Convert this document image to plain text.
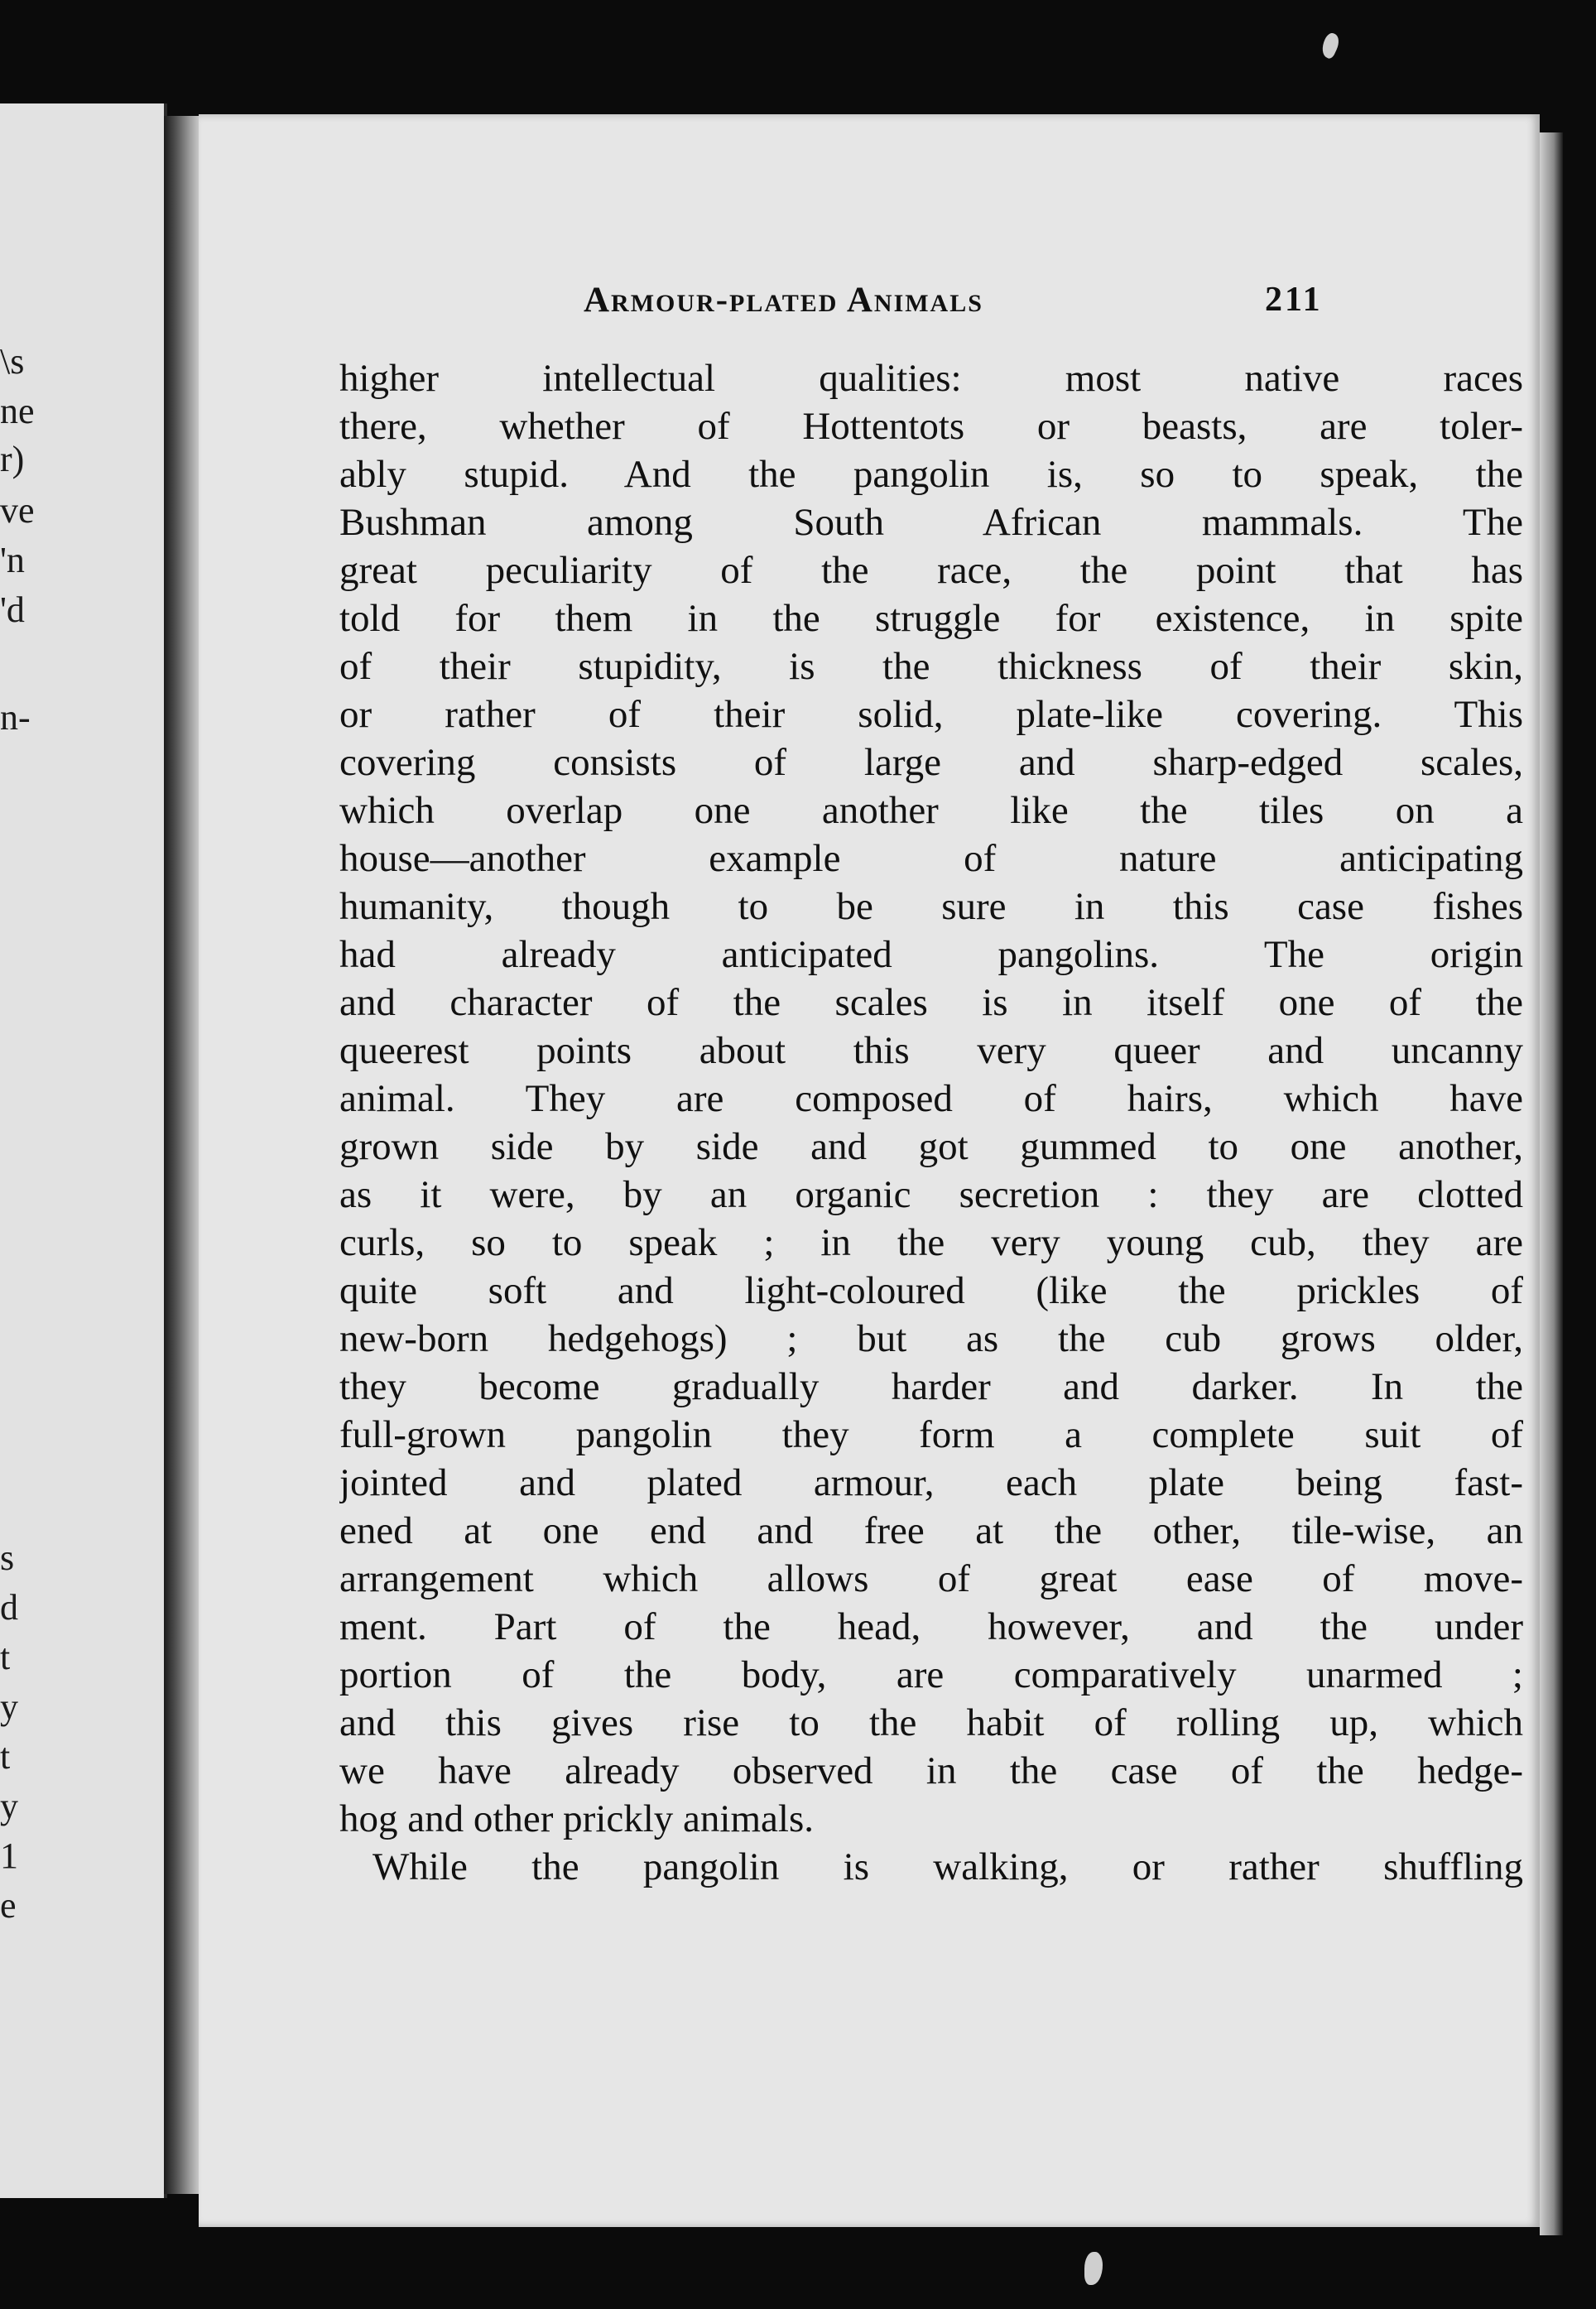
\s
ne
r)
ve
'n
'd
n-
s
d
t
y
t
y
1
e
Armour-plated Animals	211
higher intellectual qualities: most native races
there, whether of Hottentots or beasts, are toler-
ably stupid. And the pangolin is, so to speak, the
Bushman among South African mammals. The
great peculiarity of the race, the point that has
told for them in the struggle for existence, in spite
of their stupidity, is the thickness of their skin,
or rather of their solid, plate-like covering. This
covering consists of large and sharp-edged scales,
which overlap one another like the tiles on a
house—another example of nature anticipating
humanity, though to be sure in this case fishes
had already anticipated pangolins. The origin
and character of the scales is in itself one of the
queerest points about this very queer and uncanny
animal. They are composed of hairs, which have
grown side by side and got gummed to one another,
as it were, by an organic secretion : they are clotted
curls, so to speak ; in the very young cub, they are
quite soft and light-coloured (like the prickles of
new-born hedgehogs) ; but as the cub grows older,
they become gradually harder and darker. In the
full-grown pangolin they form a complete suit of
jointed and plated armour, each plate being fast-
ened at one end and free at the other, tile-wise, an
arrangement which allows of great ease of move-
ment. Part of the head, however, and the under
portion of the body, are comparatively unarmed ;
and this gives rise to the habit of rolling up, which
we have already observed in the case of the hedge-
hog and other prickly animals.
While the pangolin is walking, or rather shuffling
